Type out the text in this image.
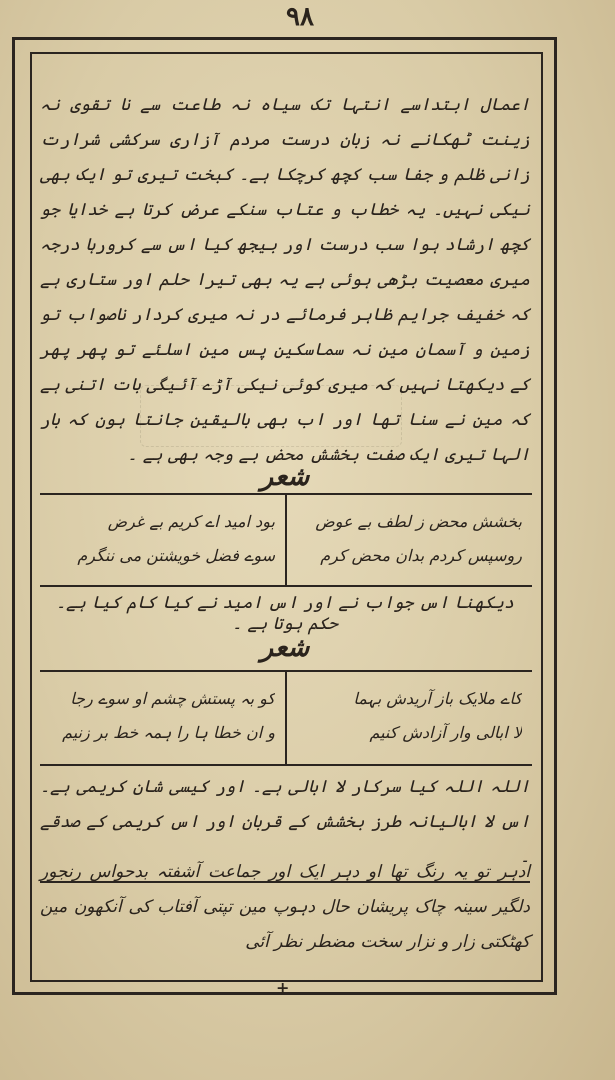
٩٨
اعمال ابتداسے انتہا تک سیاہ نہ طاعت سے نا تقوی نہ زینت ٹھکانے نہ زبان درست مردم آزاری سرکشی شرارت زانی ظلم و جفا سب کچھ کرچکا ہے۔ کبخت تیری تو ایک بھی نیکی نہیں۔ یہ خطاب و عتاب سنکے عرض کرتا ہے خدایا جو کچھ ارشاد ہوا سب درست اور بیجھ کیا اس سے کرورہا درجہ میری معصیت بڑھی ہوئی ہے یہ بھی تیرا حلم اور ستاری ہے کہ خفیف جرایم ظاہر فرمائے در نہ میری کردار ناصواب تو زمین و آسمان مین نہ سماسکین پس مین اسلئے تو پھر پھر کے دیکھتا نہیں کہ میری کوئی نیکی آڑے آئیگی بات اتنی ہے کہ مین نے سنا تھا اور اب بھی بالیقین جانتا ہون کہ بار الہا تیری ایک صفت بخشش محض بے وجہ بھی ہے ۔
شعر
بخشش محض ز لطف بے عوض
روسپس کردم بدان محض کرم
بود امید اے کریم بے غرض
سوے فضل خویشتن می ننگرم
دیکھنا اس جواب نے اور اس امید نے کیا کام کیا ہے۔ حکم ہوتا ہے ۔
شعر
کاے ملایک باز آریدش بہما
لا ابالی وار آزادش کنیم
کو بہ پستش چشم او سوے رجا
و ان خطا ہا را ہمہ خط بر زنیم
اللہ اللہ کیا سرکار لا ابالی ہے۔ اور کیسی شان کریمی ہے۔ اس لا ابالیانہ طرز بخشش کے قربان اور اس کریمی کے صدقے ۔
ادہر تو یہ رنگ تھا او دہر ایک اور جماعت آشفتہ بدحواس رنجور دلگیر سینہ چاک پریشان حال دہوپ مین تپتی آفتاب کی آنکھون مین کھٹکتی زار و نزار سخت مضطر نظر آئی
+
